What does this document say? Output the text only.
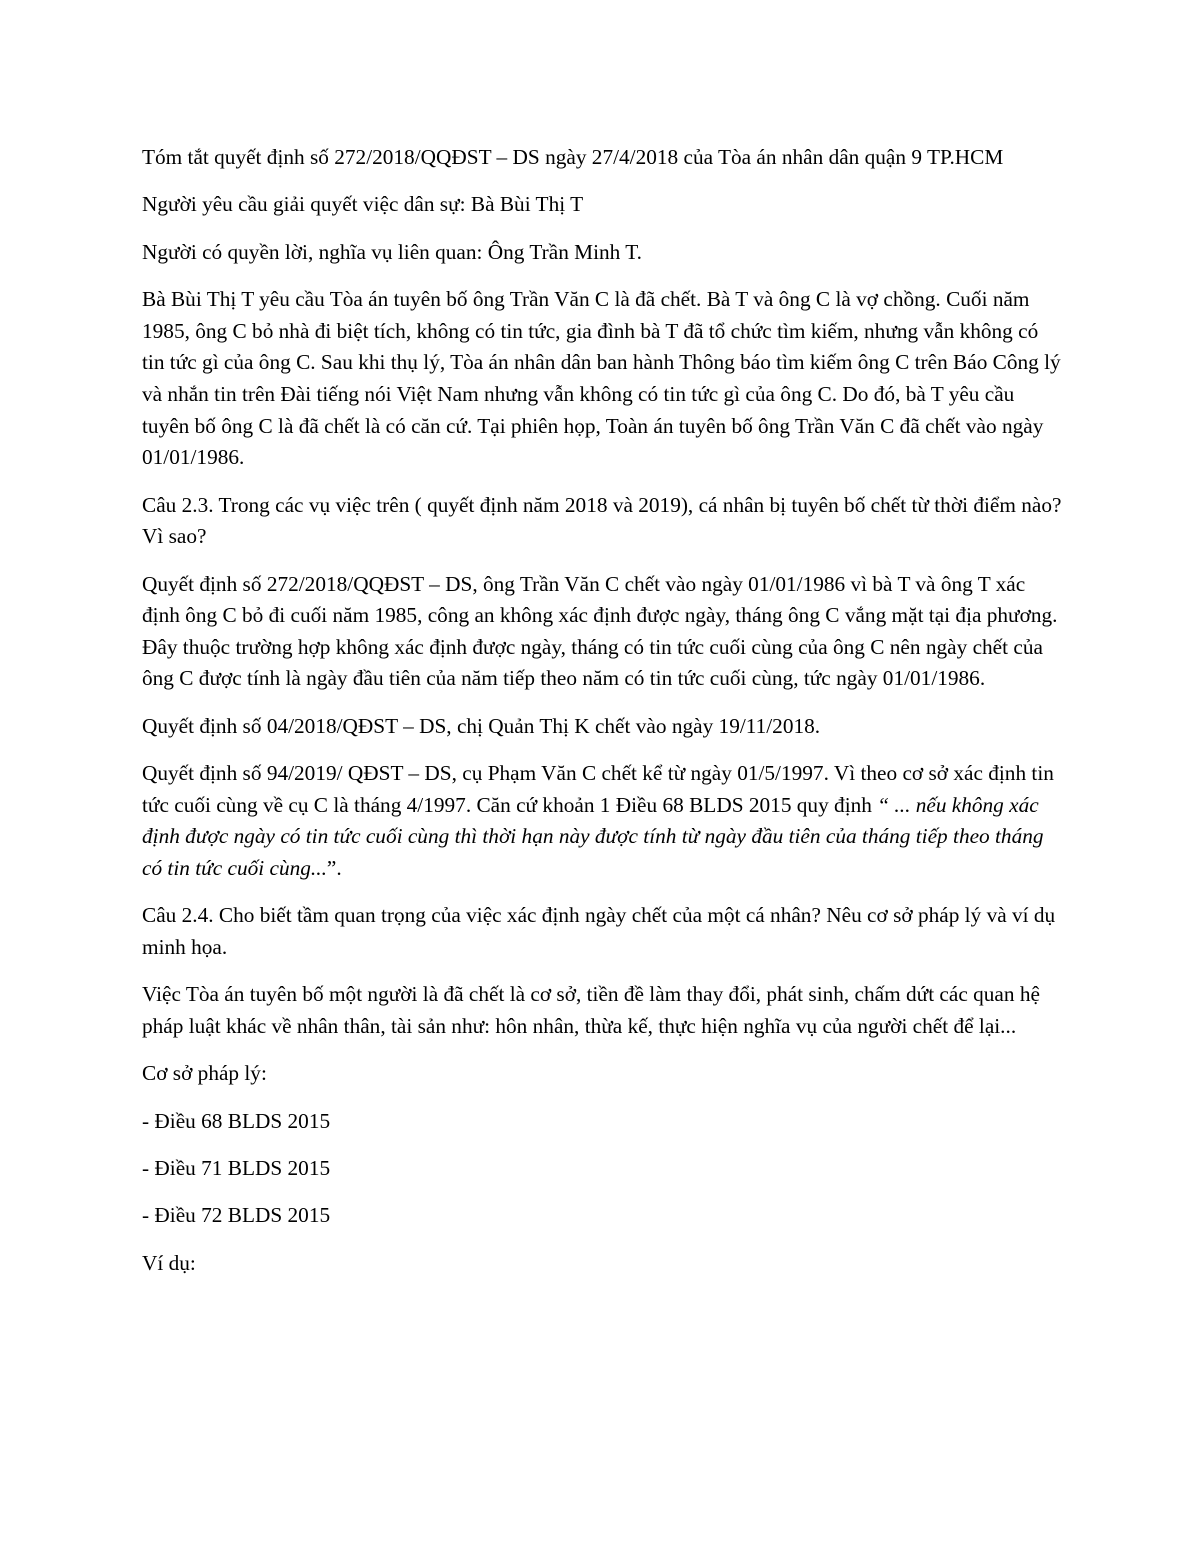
Tóm tắt quyết định số 272/2018/QQĐST – DS ngày 27/4/2018 của Tòa án nhân dân quận 9 TP.HCM

Người yêu cầu giải quyết việc dân sự: Bà Bùi Thị T

Người có quyền lời, nghĩa vụ liên quan: Ông Trần Minh T.

Bà Bùi Thị T yêu cầu Tòa án tuyên bố ông Trần Văn C là đã chết. Bà T và ông C là vợ chồng. Cuối năm 1985, ông C bỏ nhà đi biệt tích, không có tin tức, gia đình bà T đã tổ chức tìm kiếm, nhưng vẫn không có tin tức gì của ông C. Sau khi thụ lý, Tòa án nhân dân ban hành Thông báo tìm kiếm ông C trên Báo Công lý và nhắn tin trên Đài tiếng nói Việt Nam nhưng vẫn không có tin tức gì của ông C. Do đó, bà T yêu cầu tuyên bố ông C là đã chết là có căn cứ. Tại phiên họp, Toàn án tuyên bố ông Trần Văn C đã chết vào ngày 01/01/1986.

Câu 2.3. Trong các vụ việc trên ( quyết định năm 2018 và 2019), cá nhân bị tuyên bố chết từ thời điểm nào? Vì sao?

Quyết định số 272/2018/QQĐST – DS, ông Trần Văn C chết vào ngày 01/01/1986 vì bà T và ông T xác định ông C bỏ đi cuối năm 1985, công an không xác định được ngày, tháng ông C vắng mặt tại địa phương. Đây thuộc trường hợp không xác định được ngày, tháng có tin tức cuối cùng của ông C nên ngày chết của ông C được tính là ngày đầu tiên của năm tiếp theo năm có tin tức cuối cùng, tức ngày 01/01/1986.

Quyết định số 04/2018/QĐST – DS, chị Quản Thị K chết vào ngày 19/11/2018.

Quyết định số 94/2019/ QĐST – DS, cụ Phạm Văn C chết kể từ ngày 01/5/1997. Vì theo cơ sở xác định tin tức cuối cùng về cụ C là tháng 4/1997. Căn cứ khoản 1 Điều 68 BLDS 2015 quy định “ ... nếu không xác định được ngày có tin tức cuối cùng thì thời hạn này được tính từ ngày đầu tiên của tháng tiếp theo tháng có tin tức cuối cùng...”.

Câu 2.4. Cho biết tầm quan trọng của việc xác định ngày chết của một cá nhân? Nêu cơ sở pháp lý và ví dụ minh họa.

Việc Tòa án tuyên bố một người là đã chết là cơ sở, tiền đề làm thay đổi, phát sinh, chấm dứt các quan hệ pháp luật khác về nhân thân, tài sản như: hôn nhân, thừa kế, thực hiện nghĩa vụ của người chết để lại...

Cơ sở pháp lý:

- Điều 68 BLDS 2015

- Điều 71 BLDS 2015

- Điều 72 BLDS 2015

Ví dụ:
